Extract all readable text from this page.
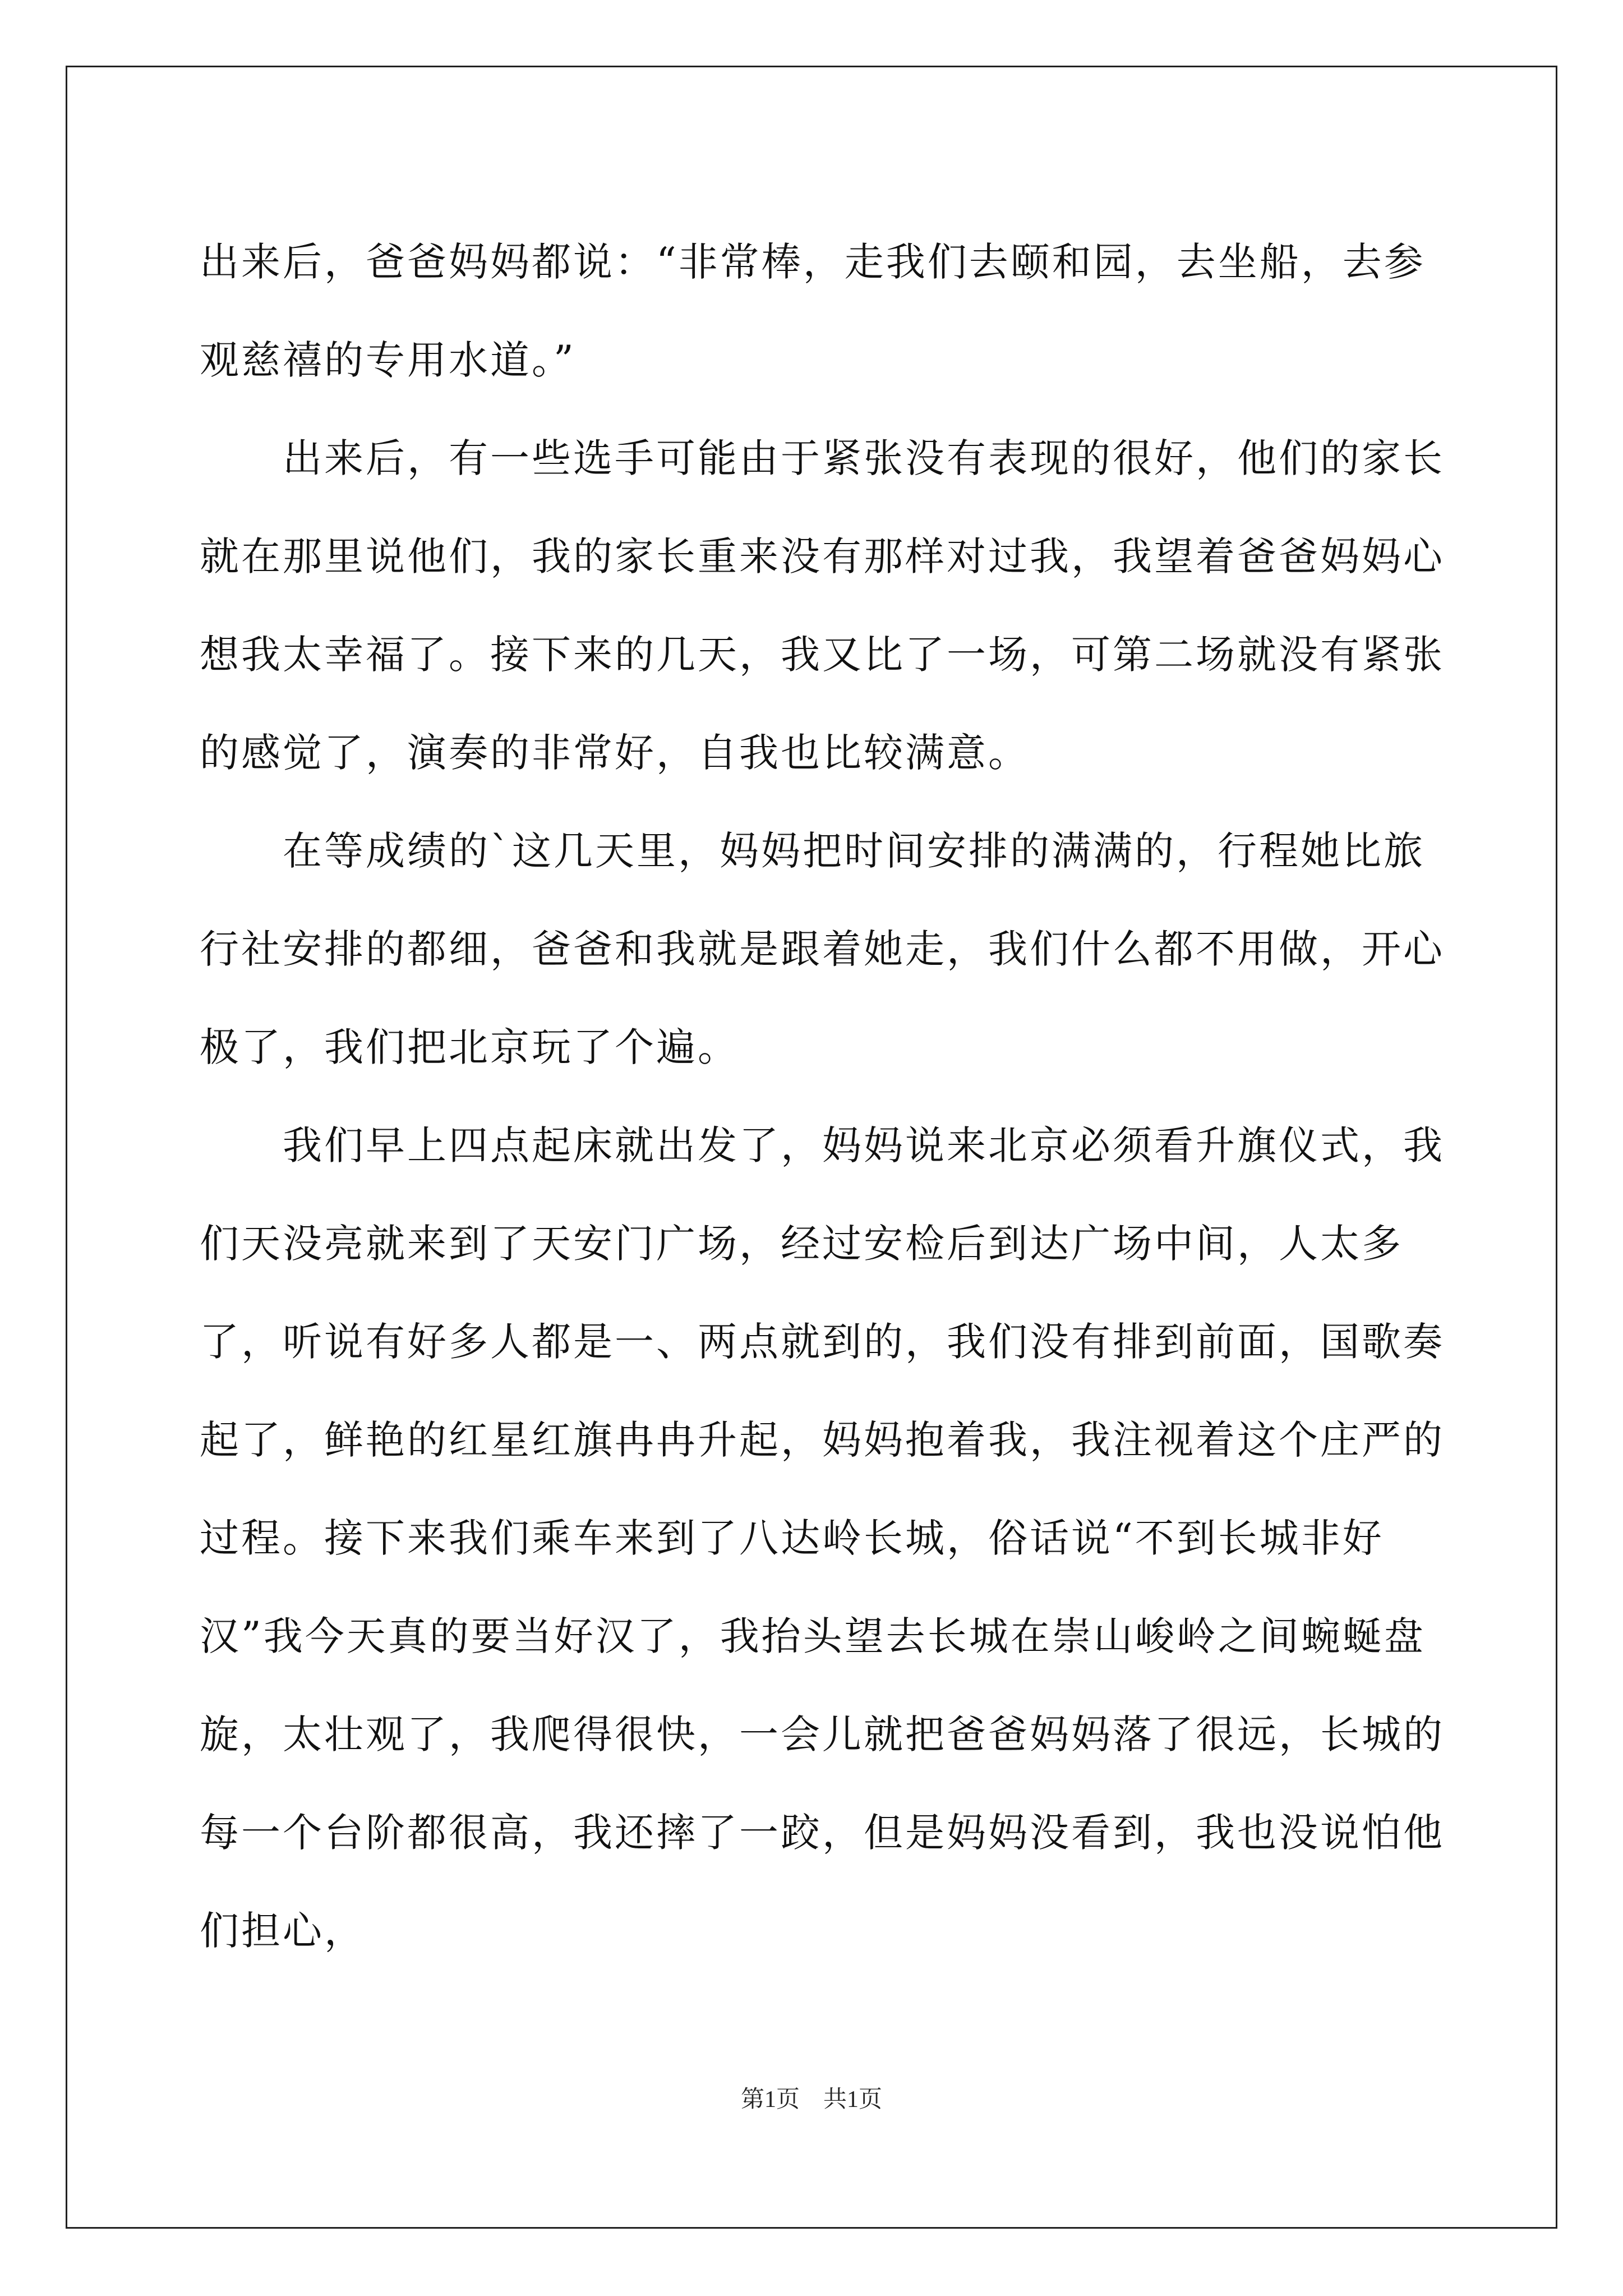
出来后，爸爸妈妈都说：“非常棒，走我们去颐和园，去坐船，去参观慈禧的专用水道。”

　　出来后，有一些选手可能由于紧张没有表现的很好，他们的家长就在那里说他们，我的家长重来没有那样对过我，我望着爸爸妈妈心想我太幸福了。接下来的几天，我又比了一场，可第二场就没有紧张的感觉了，演奏的非常好，自我也比较满意。

　　在等成绩的`这几天里，妈妈把时间安排的满满的，行程她比旅行社安排的都细，爸爸和我就是跟着她走，我们什么都不用做，开心极了，我们把北京玩了个遍。

　　我们早上四点起床就出发了，妈妈说来北京必须看升旗仪式，我们天没亮就来到了天安门广场，经过安检后到达广场中间，人太多了，听说有好多人都是一、两点就到的，我们没有排到前面，国歌奏起了，鲜艳的红星红旗冉冉升起，妈妈抱着我，我注视着这个庄严的过程。接下来我们乘车来到了八达岭长城，俗话说“不到长城非好汉”我今天真的要当好汉了，我抬头望去长城在崇山峻岭之间蜿蜒盘旋，太壮观了，我爬得很快，一会儿就把爸爸妈妈落了很远，长城的每一个台阶都很高，我还摔了一跤，但是妈妈没看到，我也没说怕他们担心，

第1页　共1页
